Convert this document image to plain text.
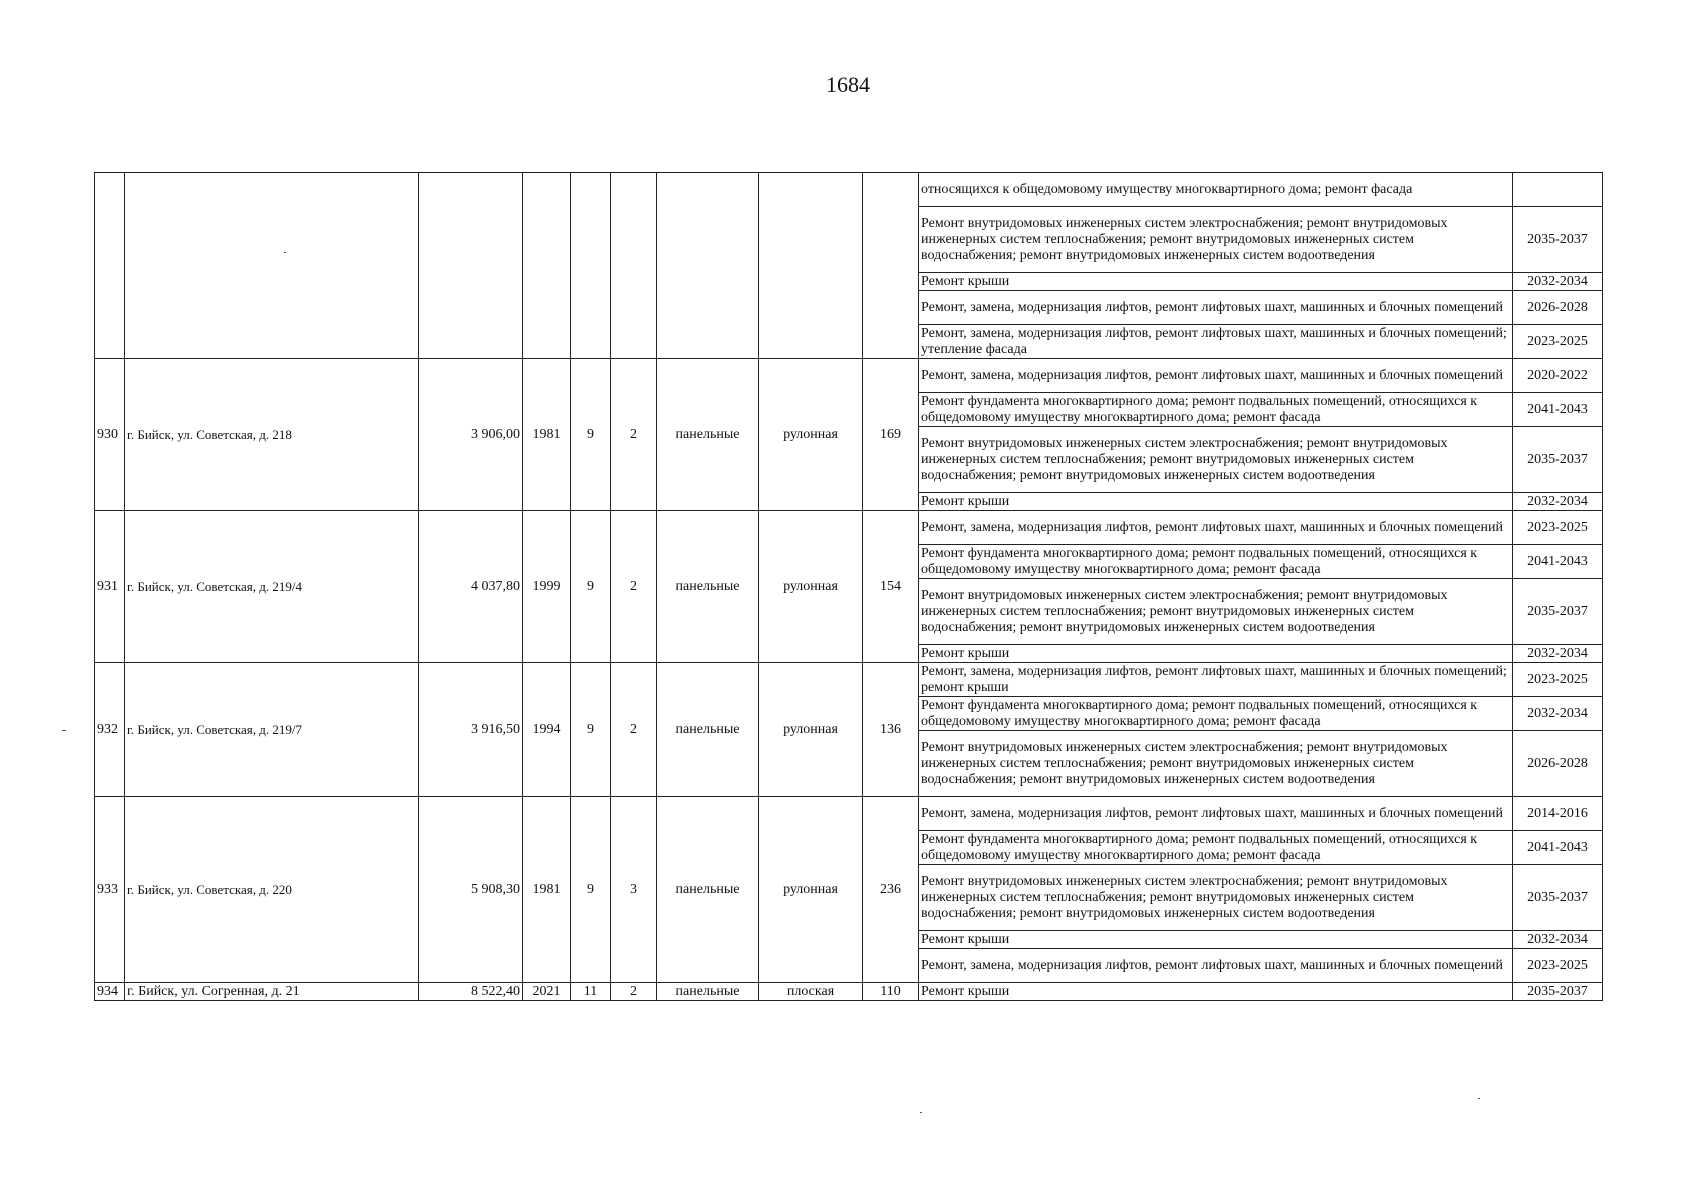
1684
									относящихся к общедомовому имуществу многоквартирного дома; ремонт фасада	
									Ремонт внутридомовых инженерных систем электроснабжения; ремонт внутридомовых инженерных систем теплоснабжения; ремонт внутридомовых инженерных систем водоснабжения; ремонт внутридомовых инженерных систем водоотведения	2035-2037
									Ремонт крыши	2032-2034
									Ремонт, замена, модернизация лифтов, ремонт лифтовых шахт, машинных и блочных помещений	2026-2028
									Ремонт, замена, модернизация лифтов, ремонт лифтовых шахт, машинных и блочных помещений; утепление фасада	2023-2025
930	г. Бийск, ул. Советская, д. 218	3 906,00	1981	9	2	панельные	рулонная	169	Ремонт, замена, модернизация лифтов, ремонт лифтовых шахт, машинных и блочных помещений	2020-2022
									Ремонт фундамента многоквартирного дома; ремонт подвальных помещений, относящихся к общедомовому имуществу многоквартирного дома; ремонт фасада	2041-2043
									Ремонт внутридомовых инженерных систем электроснабжения; ремонт внутридомовых инженерных систем теплоснабжения; ремонт внутридомовых инженерных систем водоснабжения; ремонт внутридомовых инженерных систем водоотведения	2035-2037
									Ремонт крыши	2032-2034
931	г. Бийск, ул. Советская, д. 219/4	4 037,80	1999	9	2	панельные	рулонная	154	Ремонт, замена, модернизация лифтов, ремонт лифтовых шахт, машинных и блочных помещений	2023-2025
									Ремонт фундамента многоквартирного дома; ремонт подвальных помещений, относящихся к общедомовому имуществу многоквартирного дома; ремонт фасада	2041-2043
									Ремонт внутридомовых инженерных систем электроснабжения; ремонт внутридомовых инженерных систем теплоснабжения; ремонт внутридомовых инженерных систем водоснабжения; ремонт внутридомовых инженерных систем водоотведения	2035-2037
									Ремонт крыши	2032-2034
932	г. Бийск, ул. Советская, д. 219/7	3 916,50	1994	9	2	панельные	рулонная	136	Ремонт, замена, модернизация лифтов, ремонт лифтовых шахт, машинных и блочных помещений; ремонт крыши	2023-2025
									Ремонт фундамента многоквартирного дома; ремонт подвальных помещений, относящихся к общедомовому имуществу многоквартирного дома; ремонт фасада	2032-2034
									Ремонт внутридомовых инженерных систем электроснабжения; ремонт внутридомовых инженерных систем теплоснабжения; ремонт внутридомовых инженерных систем водоснабжения; ремонт внутридомовых инженерных систем водоотведения	2026-2028
933	г. Бийск, ул. Советская, д. 220	5 908,30	1981	9	3	панельные	рулонная	236	Ремонт, замена, модернизация лифтов, ремонт лифтовых шахт, машинных и блочных помещений	2014-2016
									Ремонт фундамента многоквартирного дома; ремонт подвальных помещений, относящихся к общедомовому имуществу многоквартирного дома; ремонт фасада	2041-2043
									Ремонт внутридомовых инженерных систем электроснабжения; ремонт внутридомовых инженерных систем теплоснабжения; ремонт внутридомовых инженерных систем водоснабжения; ремонт внутридомовых инженерных систем водоотведения	2035-2037
									Ремонт крыши	2032-2034
									Ремонт, замена, модернизация лифтов, ремонт лифтовых шахт, машинных и блочных помещений	2023-2025
934	г. Бийск, ул. Согренная, д. 21	8 522,40	2021	11	2	панельные	плоская	110	Ремонт крыши	2035-2037
